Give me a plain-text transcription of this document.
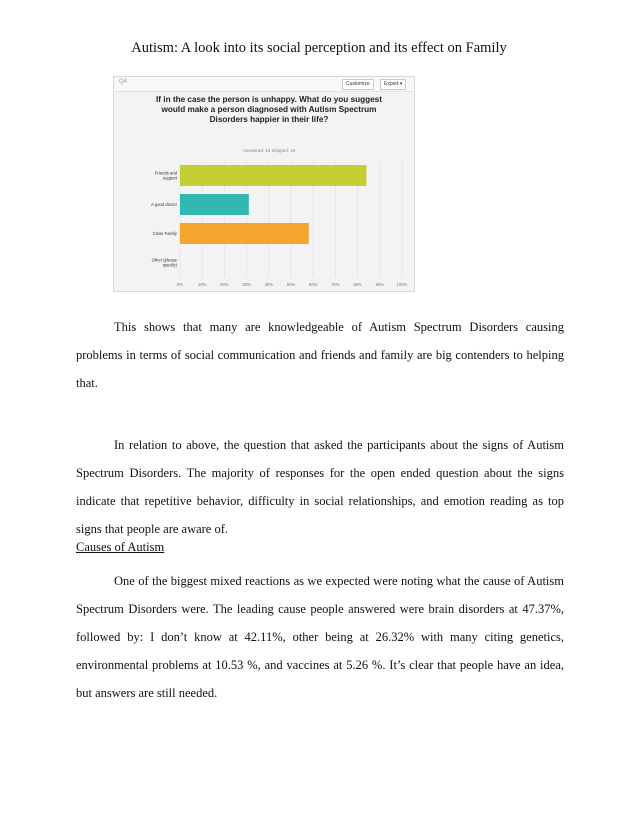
Autism: A look into its social perception and its effect on Family
Q4	Customize	Export ▾
If in the case the person is unhappy. What do you suggest would make a person diagnosed with Autism Spectrum Disorders happier in their life?
Answered: 19 Skipped: 19
0%	10%	20%	30%	40%	50%	60%	70%	80%	90%	100%
Friends and support
A good doctor
Close Family
Other (please specify)
This shows that many are knowledgeable of Autism Spectrum Disorders causing problems in terms of social communication and friends and family are big contenders to helping that.
In relation to above, the question that asked the participants about the signs of Autism Spectrum Disorders. The majority of responses for the open ended question about the signs indicate that repetitive behavior, difficulty in social relationships, and emotion reading as top signs that people are aware of.
Causes of Autism
One of the biggest mixed reactions as we expected were noting what the cause of Autism Spectrum Disorders were. The leading cause people answered were brain disorders at 47.37%, followed by: I don’t know at 42.11%, other being at 26.32% with many citing genetics, environmental problems at 10.53 %, and vaccines at 5.26 %. It’s clear that people have an idea, but answers are still needed.
